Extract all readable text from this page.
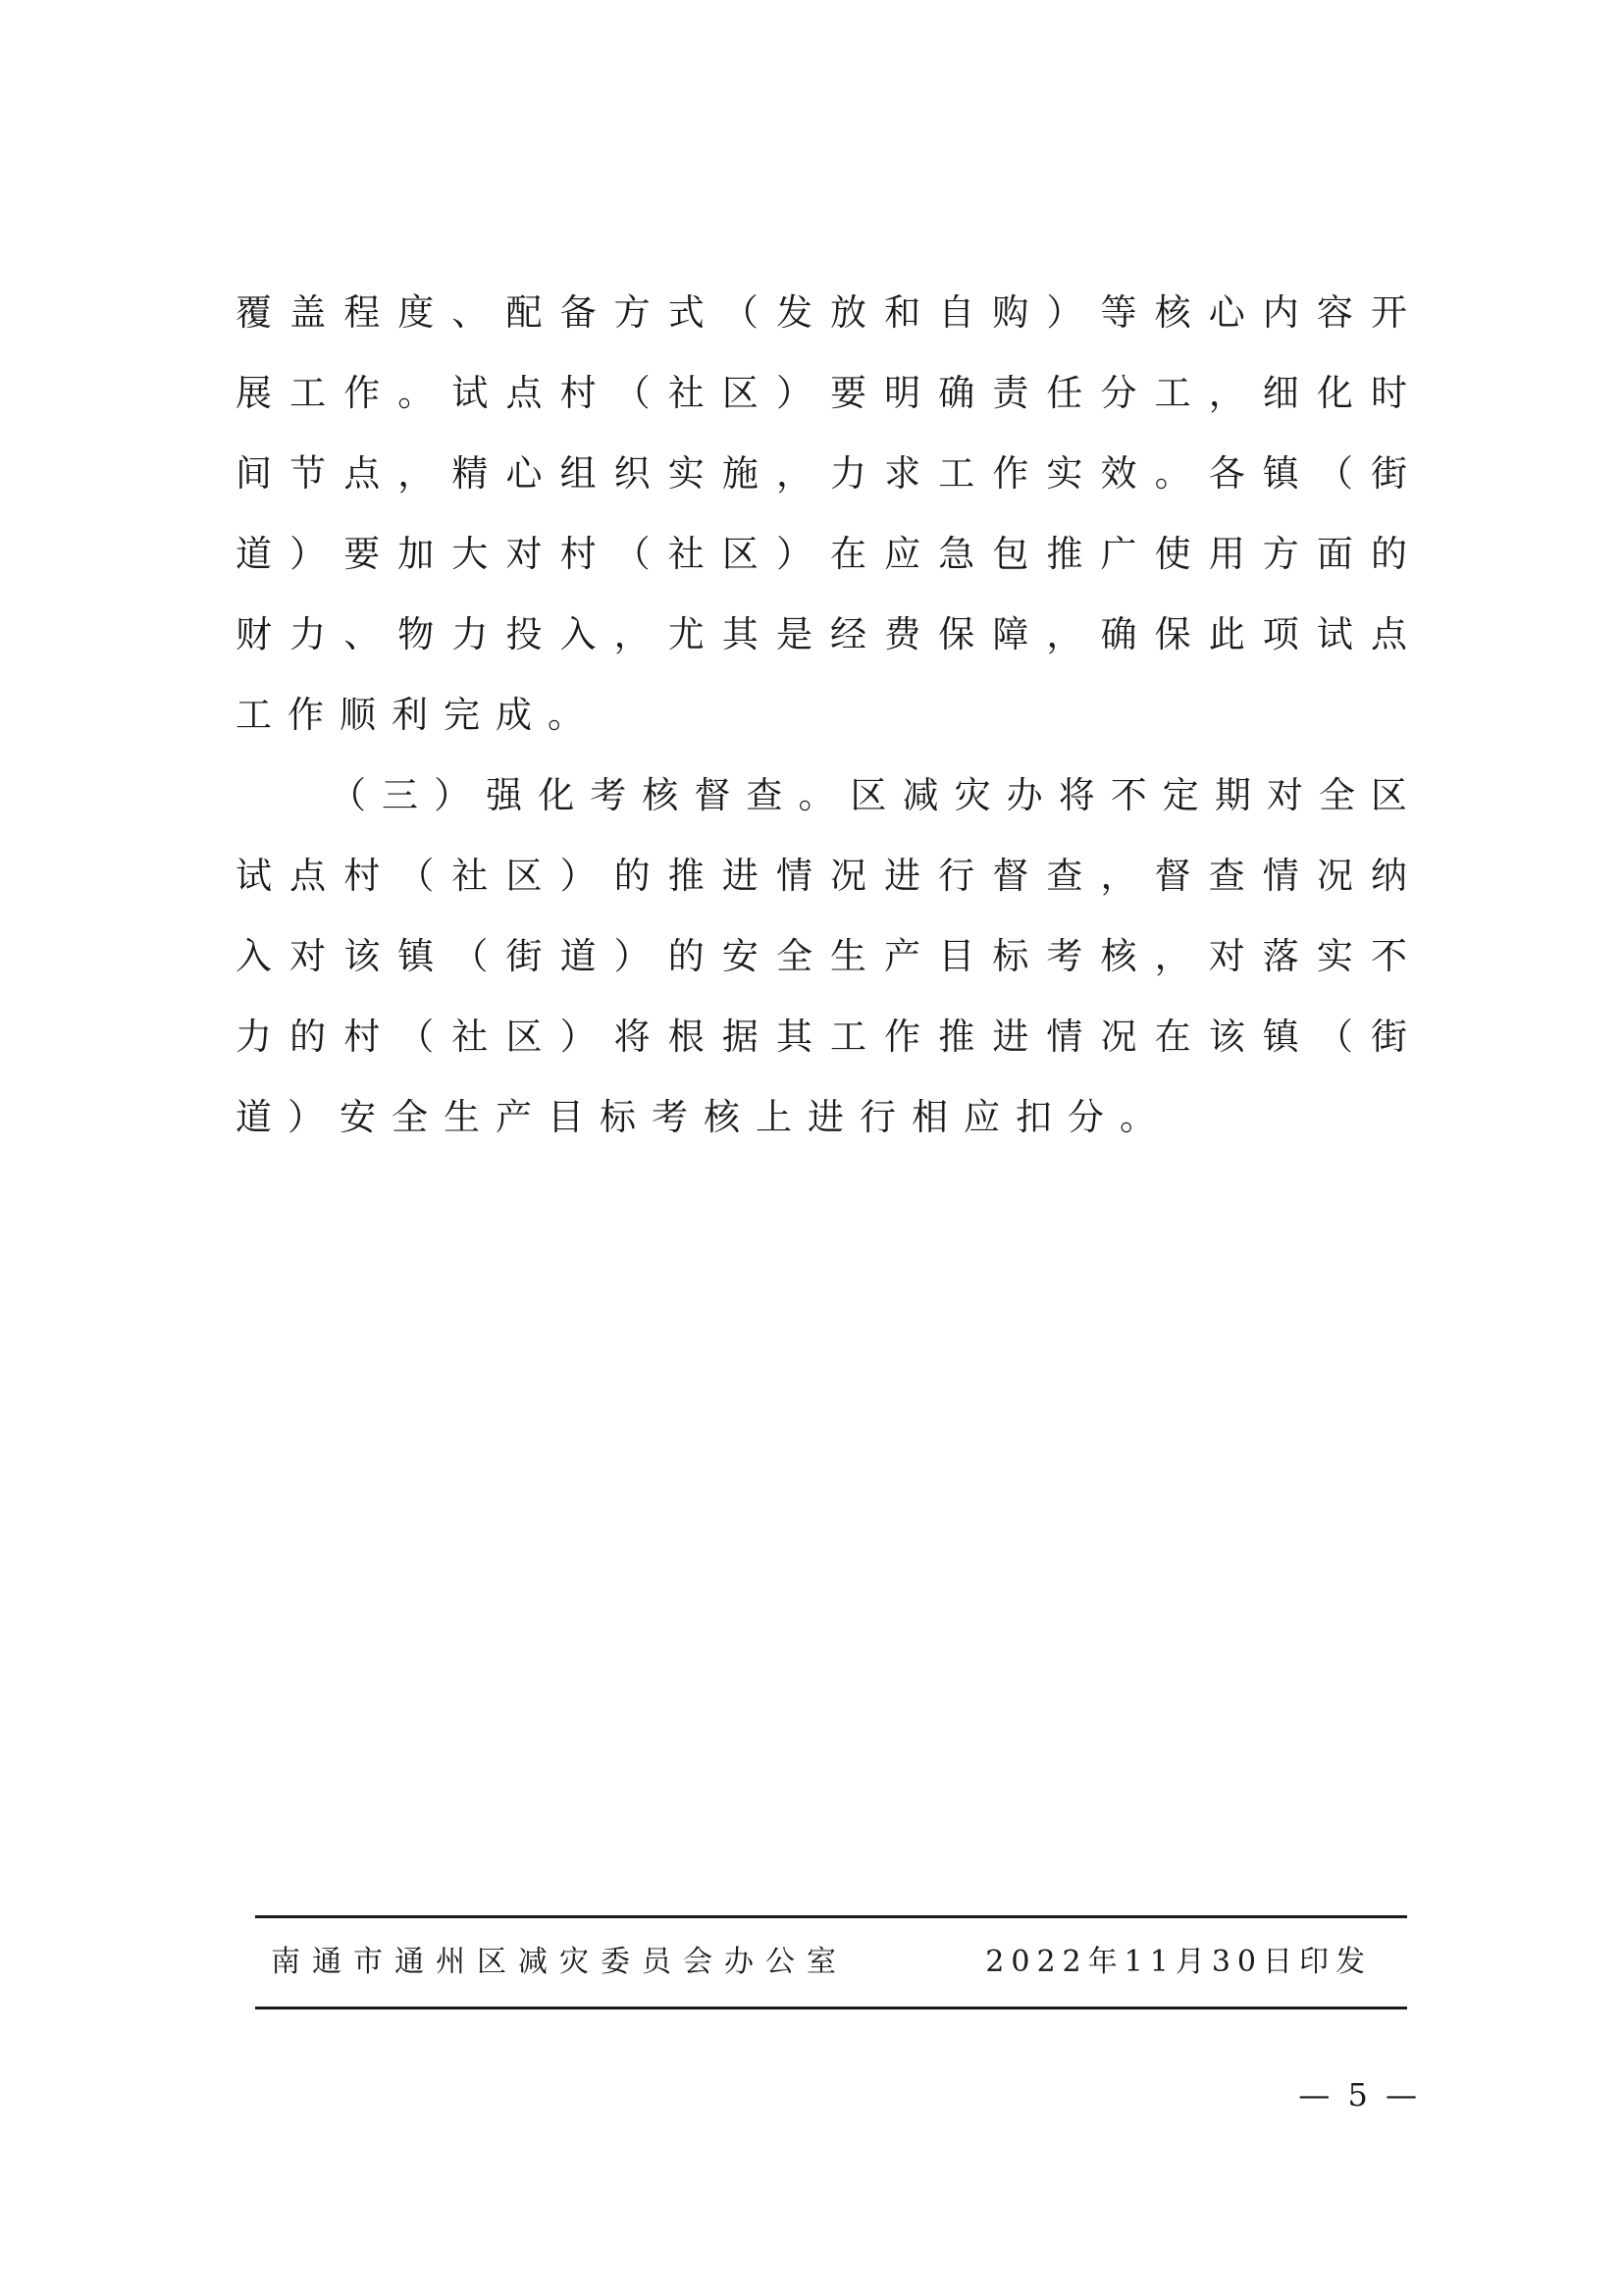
覆盖程度、配备方式（发放和自购）等核心内容开展工作。试点村（社区）要明确责任分工，细化时间节点，精心组织实施，力求工作实效。各镇（街道）要加大对村（社区）在应急包推广使用方面的财力、物力投入，尤其是经费保障，确保此项试点工作顺利完成。

（三）强化考核督查。区减灾办将不定期对全区试点村（社区）的推进情况进行督查，督查情况纳入对该镇（街道）的安全生产目标考核，对落实不力的村（社区）将根据其工作推进情况在该镇（街道）安全生产目标考核上进行相应扣分。

南通市通州区减灾委员会办公室	2022年11月30日印发
— 5 —
